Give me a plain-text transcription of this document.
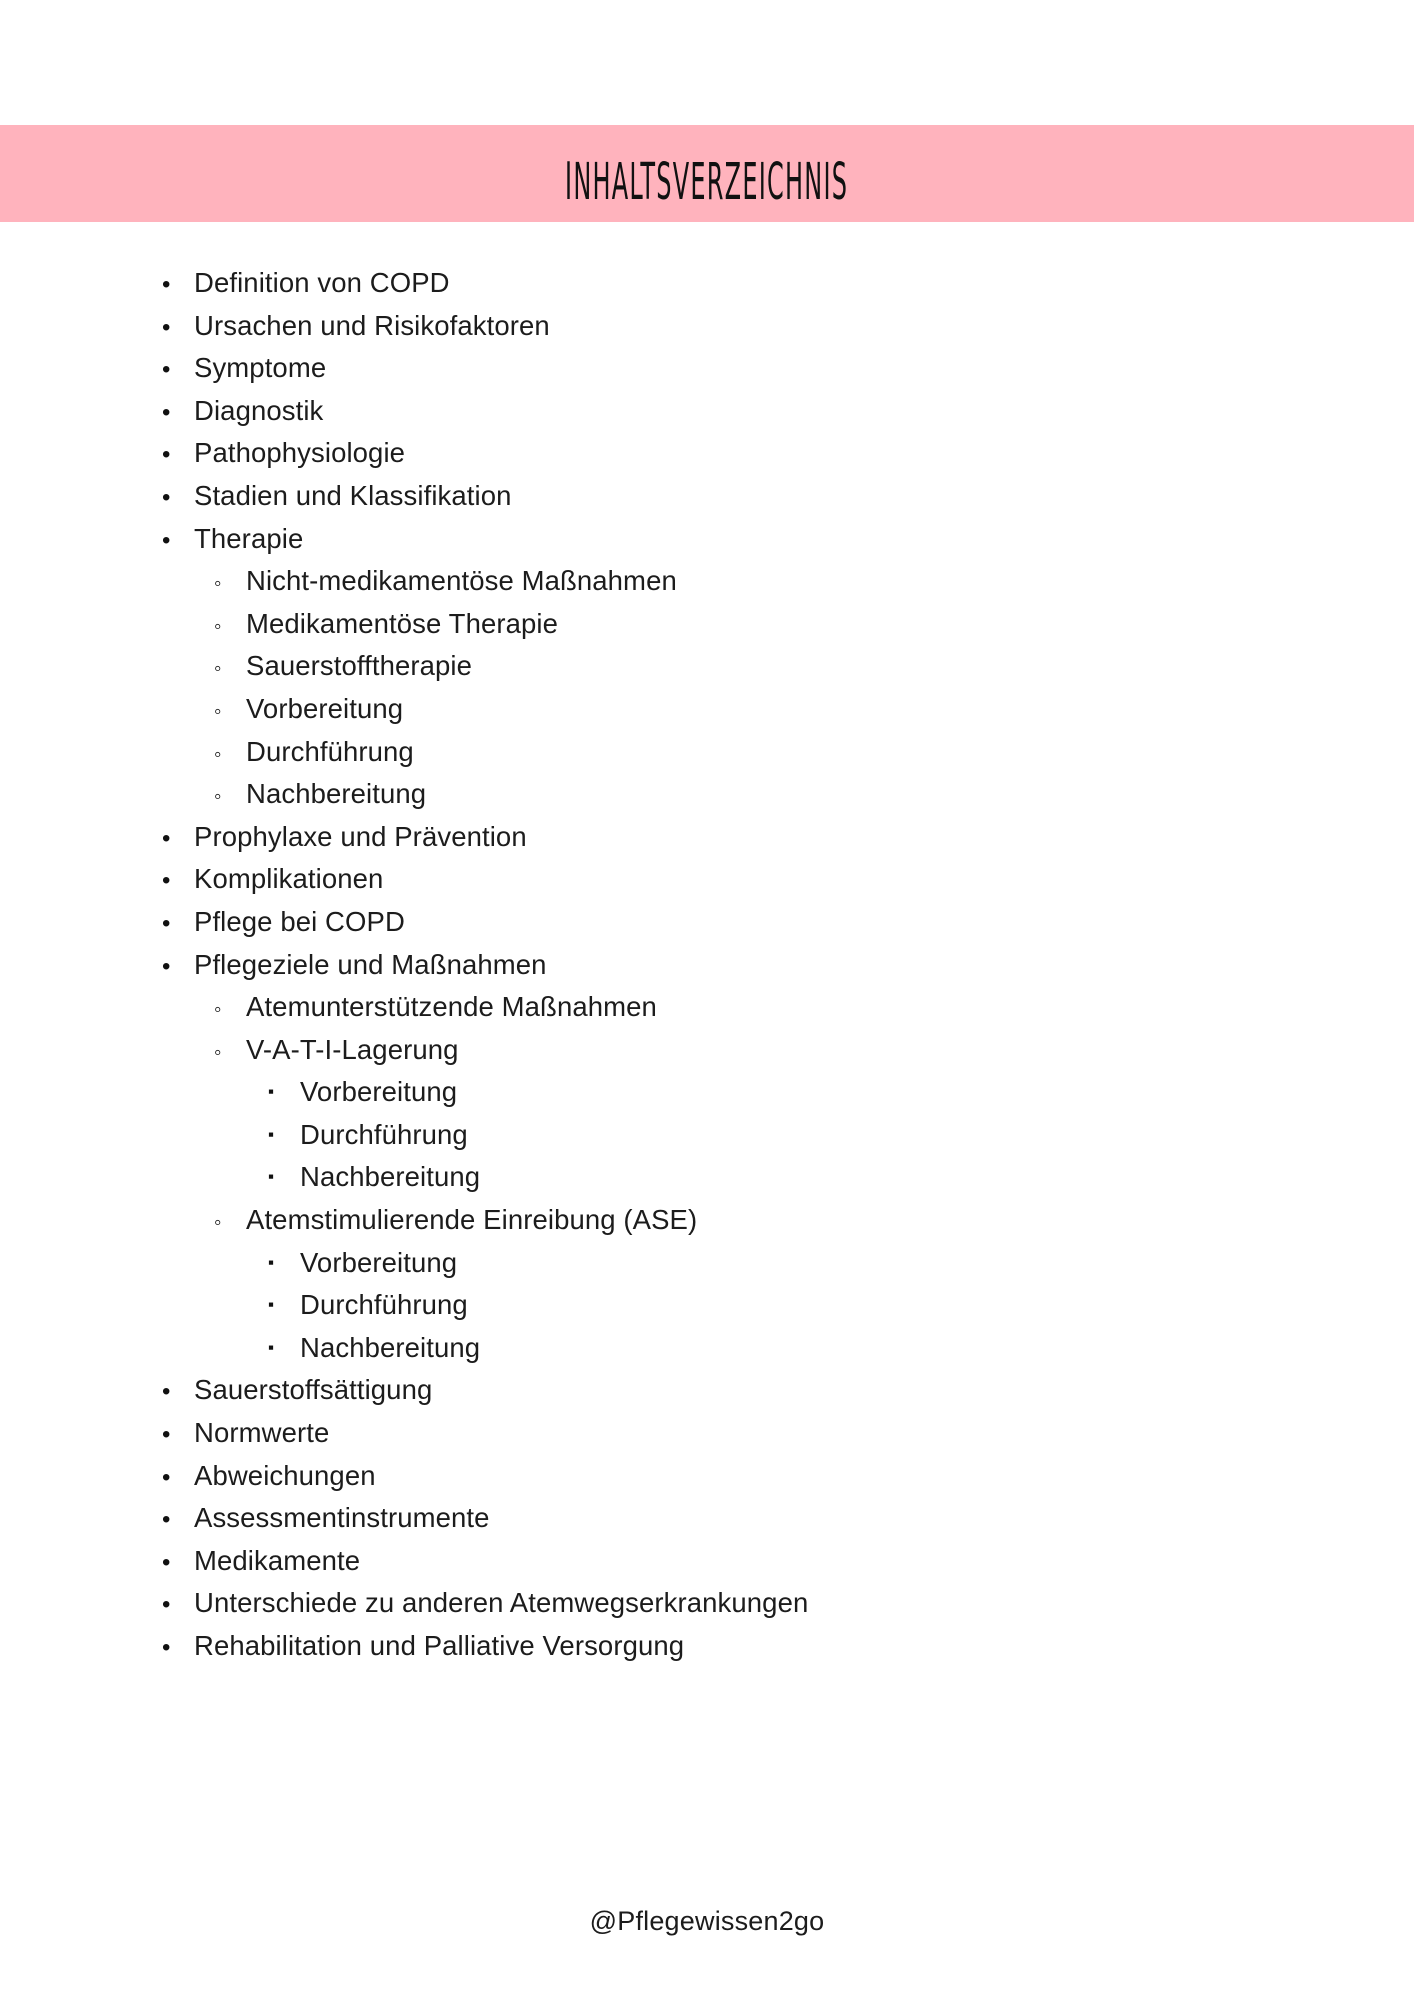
inhaltsverzeichnis
• Definition von COPD
• Ursachen und Risikofaktoren
• Symptome
• Diagnostik
• Pathophysiologie
• Stadien und Klassifikation
• Therapie
◦ Nicht-medikamentöse Maßnahmen
◦ Medikamentöse Therapie
◦ Sauerstofftherapie
◦ Vorbereitung
◦ Durchführung
◦ Nachbereitung
• Prophylaxe und Prävention
• Komplikationen
• Pflege bei COPD
• Pflegeziele und Maßnahmen
◦ Atemunterstützende Maßnahmen
◦ V-A-T-I-Lagerung
▪ Vorbereitung
▪ Durchführung
▪ Nachbereitung
◦ Atemstimulierende Einreibung (ASE)
▪ Vorbereitung
▪ Durchführung
▪ Nachbereitung
• Sauerstoffsättigung
• Normwerte
• Abweichungen
• Assessmentinstrumente
• Medikamente
• Unterschiede zu anderen Atemwegserkrankungen
• Rehabilitation und Palliative Versorgung
@Pflegewissen2go
